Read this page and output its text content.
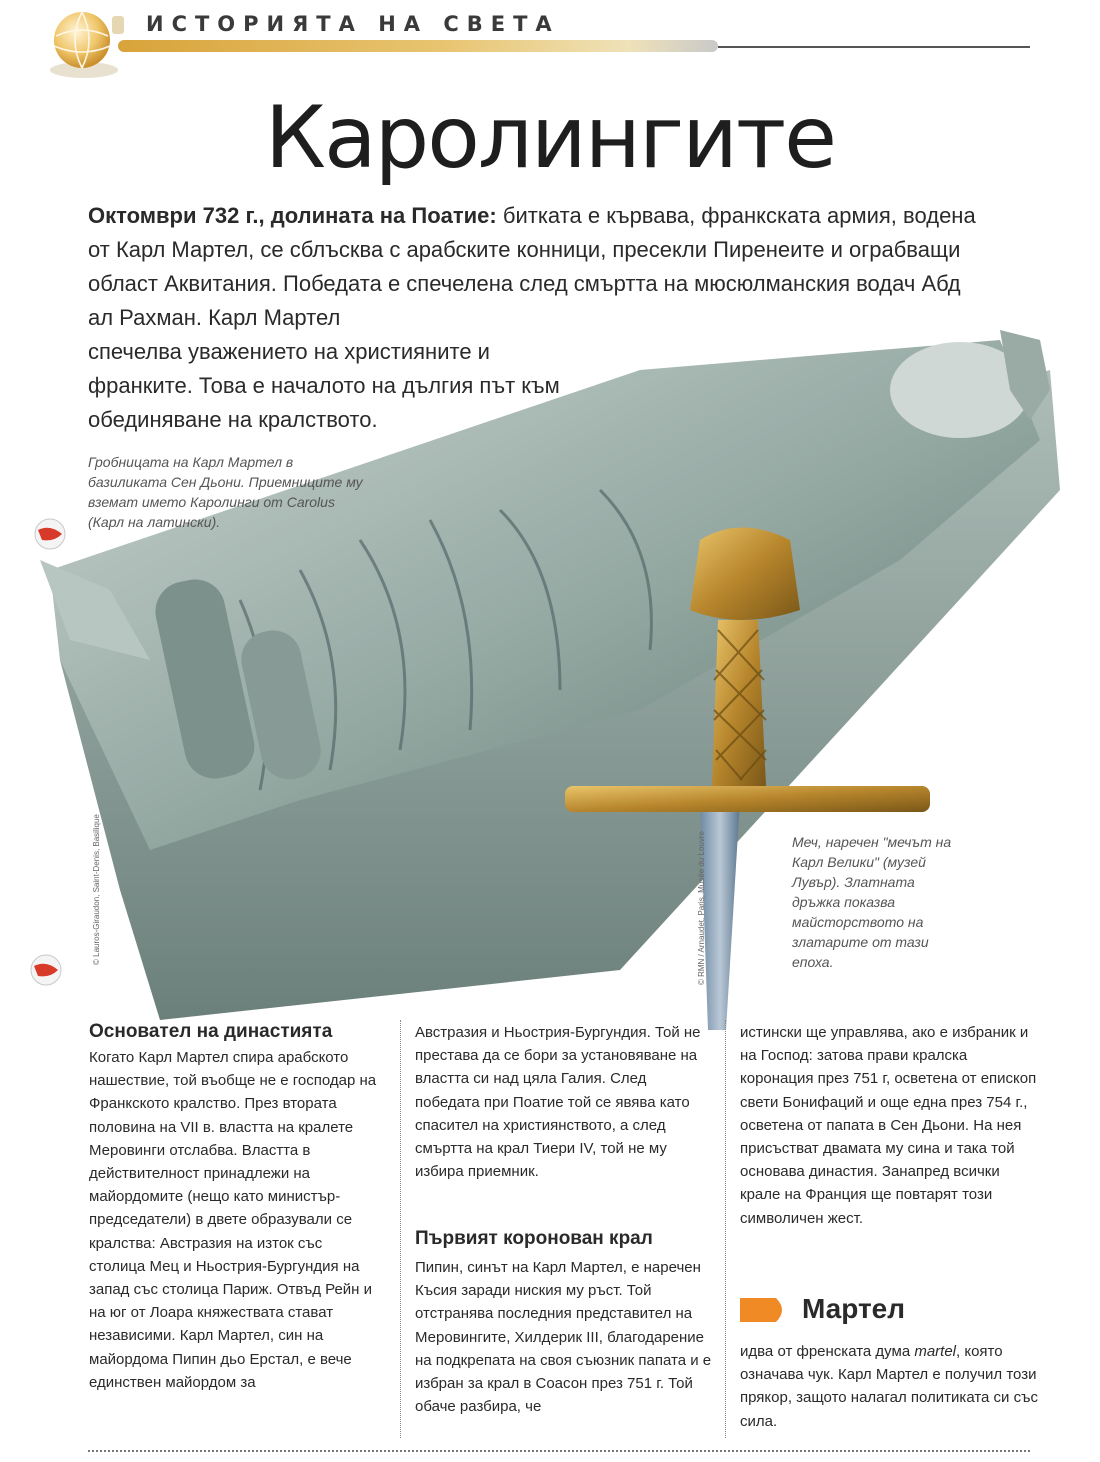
ИСТОРИЯТА НА СВЕТА
Каролингите

Октомври 732 г., долината на Поатие: битката е кървава, франкската армия, водена от Карл Мартел, се сблъсква с арабските конници, пресекли Пиренеите и ограбващи област Аквитания. Победата е спечелена след смъртта на мюсюлманския водач Абд ал Рахман. Карл Мартел

спечелва уважението на християните и франките. Това е началото на дългия път към обединяване на кралството.

Гробницата на Карл Мартел в базиликата Сен Дьони. Приемниците му вземат името Каролинги от Carolus (Карл на латински).

Меч, наречен "мечът на Карл Велики" (музей Лувър). Златната дръжка показва майсторството на златарите от тази епоха.

© Lauros-Giraudon, Saint-Denis, Basilique	© RMN / Arnaudet, Paris, Musée du Louvre
Основател на династията

Когато Карл Мартел спира арабското нашествие, той въобще не е господар на Франкското кралство. През втората половина на VII в. властта на кралете Меровинги отслабва. Властта в действителност принадлежи на майордомите (нещо като министър-председатели) в двете образували се кралства: Австразия на изток със столица Мец и Ньострия-Бургундия на запад със столица Париж. Отвъд Рейн и на юг от Лоара княжествата стават независими. Карл Мартел, син на майордома Пипин дьо Ерстал, е вече единствен майордом за

Австразия и Ньострия-Бургундия. Той не престава да се бори за установяване на властта си над цяла Галия. След победата при Поатие той се явява като спасител на християнството, а след смъртта на крал Тиери IV, той не му избира приемник.

Първият коронован крал

Пипин, синът на Карл Мартел, е наречен Късия заради ниския му ръст. Той отстранява последния представител на Меровингите, Хилдерик III, благодарение на подкрепата на своя съюзник папата и е избран за крал в Соасон през 751 г. Той обаче разбира, че

истински ще управлява, ако е избраник и на Господ: затова прави кралска коронация през 751 г, осветена от епископ свети Бонифаций и още една през 754 г., осветена от папата в Сен Дьони. На нея присъстват двамата му сина и така той основава династия. Занапред всички крале на Франция ще повтарят този символичен жест.

Мартел

идва от френската дума martel, която означава чук. Карл Мартел е получил този прякор, защото налагал политиката си със сила.
